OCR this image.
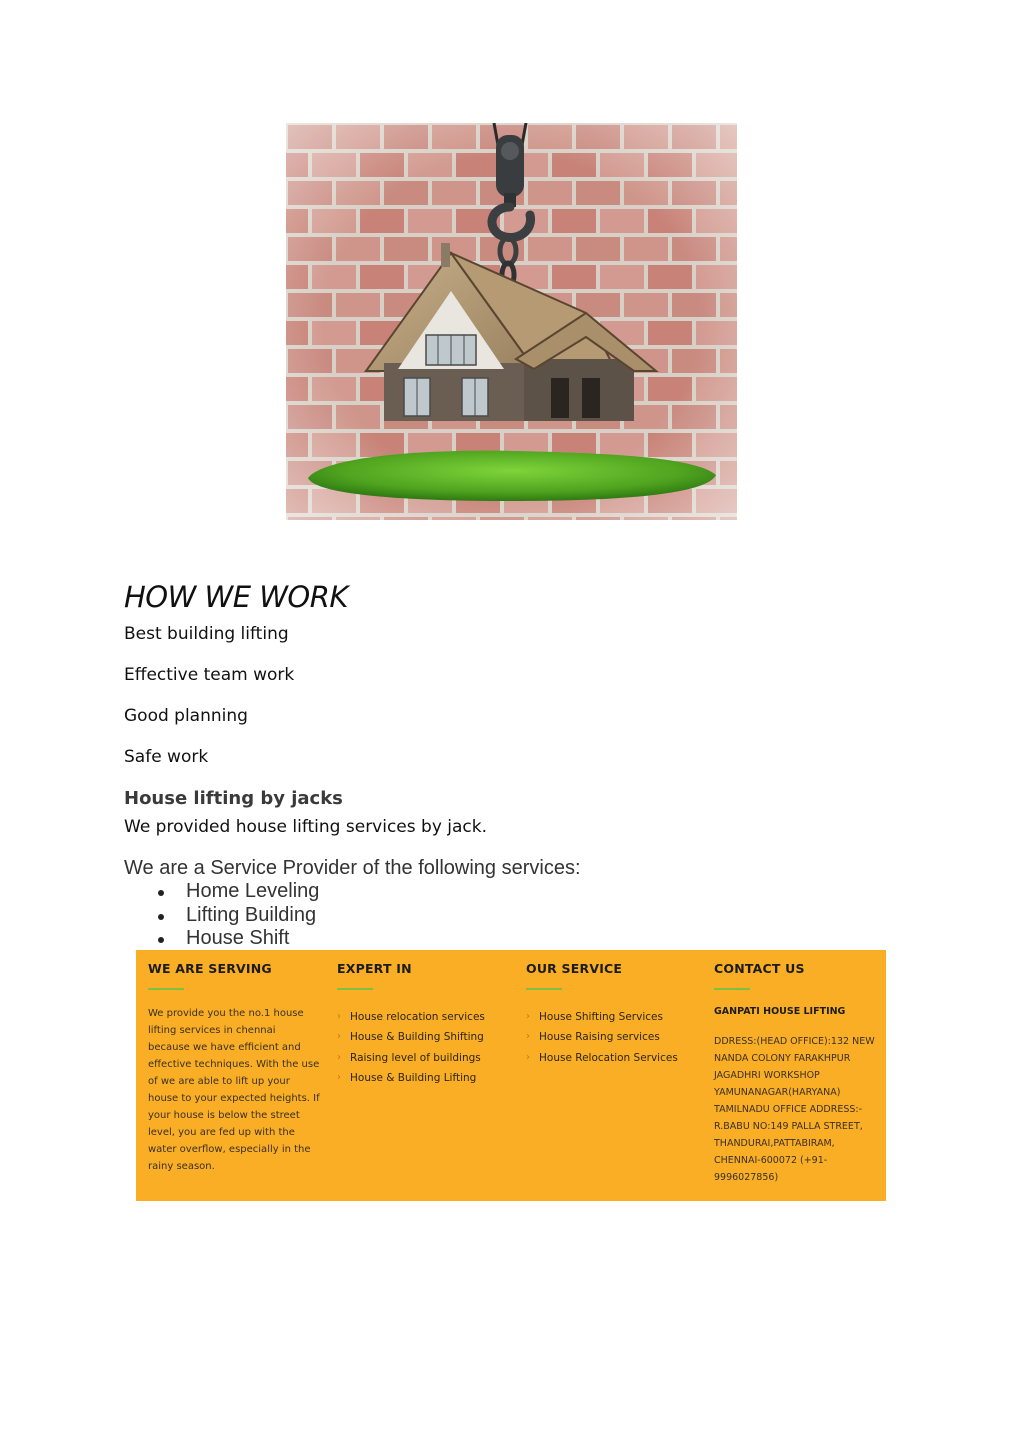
HOW WE WORK

Best building lifting

Effective team work

Good planning

Safe work

House lifting by jacks

We provided house lifting services by jack.

We are a Service Provider of the following services:

Home Leveling
Lifting Building
House Shift
WE ARE SERVING

We provide you the no.1 house lifting services in chennai because we have efficient and effective techniques. With the use of we are able to lift up your house to your expected heights. If your house is below the street level, you are fed up with the water overflow, especially in the rainy season.

EXPERT IN
› House relocation services
› House & Building Shifting
› Raising level of buildings
› House & Building Lifting
OUR SERVICE
› House Shifting Services
› House Raising services
› House Relocation Services
CONTACT US

GANPATI HOUSE LIFTING

DDRESS:(HEAD OFFICE):132 NEW NANDA COLONY FARAKHPUR JAGADHRI WORKSHOP YAMUNANAGAR(HARYANA) TAMILNADU OFFICE ADDRESS:- R.BABU NO:149 PALLA STREET, THANDURAI,PATTABIRAM, CHENNAI-600072 (+91-9996027856)
